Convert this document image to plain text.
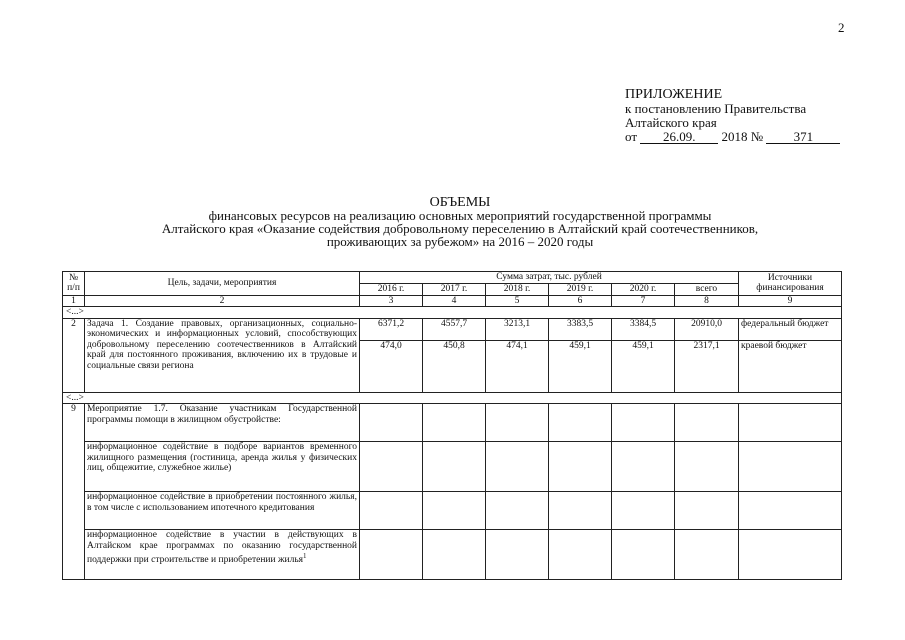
2
ПРИЛОЖЕНИЕ
к постановлению Правительства
Алтайского края
от 26.09. 2018 № 371
ОБЪЕМЫ
финансовых ресурсов на реализацию основных мероприятий государственной программы
Алтайского края «Оказание содействия добровольному переселению в Алтайский край соотечественников,
проживающих за рубежом» на 2016 – 2020 годы
№ п/п	Цель, задачи, мероприятия	Сумма затрат, тыс. рублей						Источники финансирования
		2016 г.	2017 г.	2018 г.	2019 г.	2020 г.	всего	
1	2	3	4	5	6	7	8	9
<...>								
2	Задача 1. Создание правовых, организационных, социально-экономических и информационных условий, способствующих добровольному переселению соотечественников в Алтайский край для постоянного проживания, включению их в трудовые и социальные связи региона	6371,2	4557,7	3213,1	3383,5	3384,5	20910,0	федеральный бюджет
		474,0	450,8	474,1	459,1	459,1	2317,1	краевой бюджет
<...>								
9	Мероприятие 1.7. Оказание участникам Государственной программы помощи в жилищном обустройстве:							
	информационное содействие в подборе вариантов временного жилищного размещения (гостиница, аренда жилья у физических лиц, общежитие, служебное жилье)							
	информационное содействие в приобретении постоянного жилья, в том числе с использованием ипотечного кредитования							
	информационное содействие в участии в действующих в Алтайском крае программах по оказанию государственной поддержки при строительстве и приобретении жилья$^1$							
